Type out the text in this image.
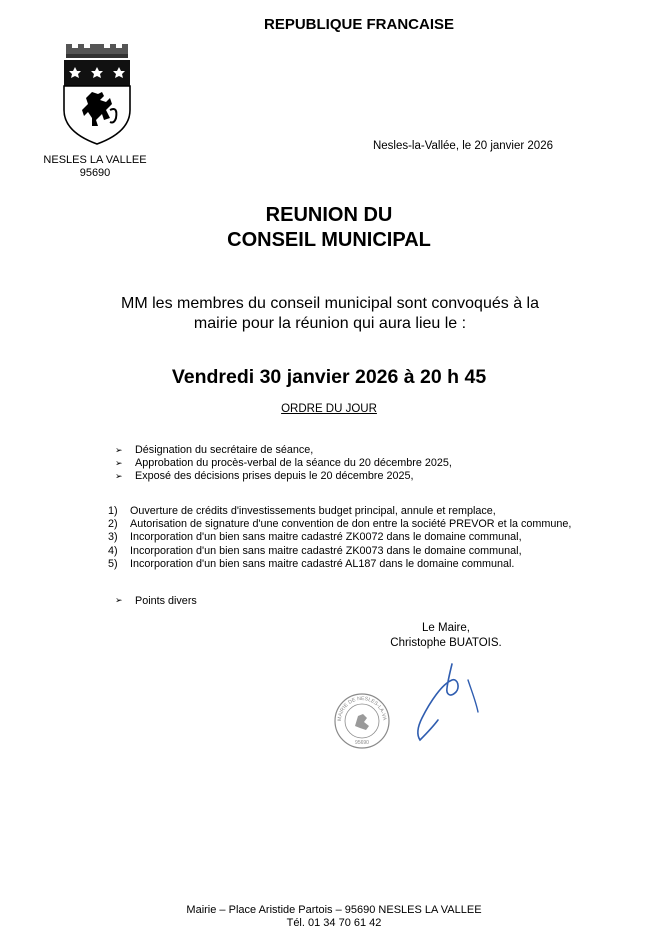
REPUBLIQUE FRANCAISE
NESLES LA VALLEE
95690
Nesles-la-Vallée, le 20 janvier 2026
REUNION DU
CONSEIL MUNICIPAL
MM les membres du conseil municipal sont convoqués à la
mairie pour la réunion qui aura lieu le :
Vendredi 30 janvier 2026 à 20 h 45
ORDRE DU JOUR
➢	Désignation du secrétaire de séance,
➢	Approbation du procès-verbal de la séance du 20 décembre 2025,
➢	Exposé des décisions prises depuis le 20 décembre 2025,
1)	Ouverture de crédits d'investissements budget principal, annule et remplace,
2)	Autorisation de signature d'une convention de don entre la société PREVOR et la commune,
3)	Incorporation d'un bien sans maitre cadastré ZK0072 dans le domaine communal,
4)	Incorporation d'un bien sans maitre cadastré ZK0073 dans le domaine communal,
5)	Incorporation d'un bien sans maitre cadastré AL187 dans le domaine communal.
➢	Points divers
Le Maire,
Christophe BUATOIS.
MAIRIE DE NESLES-LA-VA
95690
Mairie – Place Aristide Partois – 95690 NESLES LA VALLEE
Tél. 01 34 70 61 42
